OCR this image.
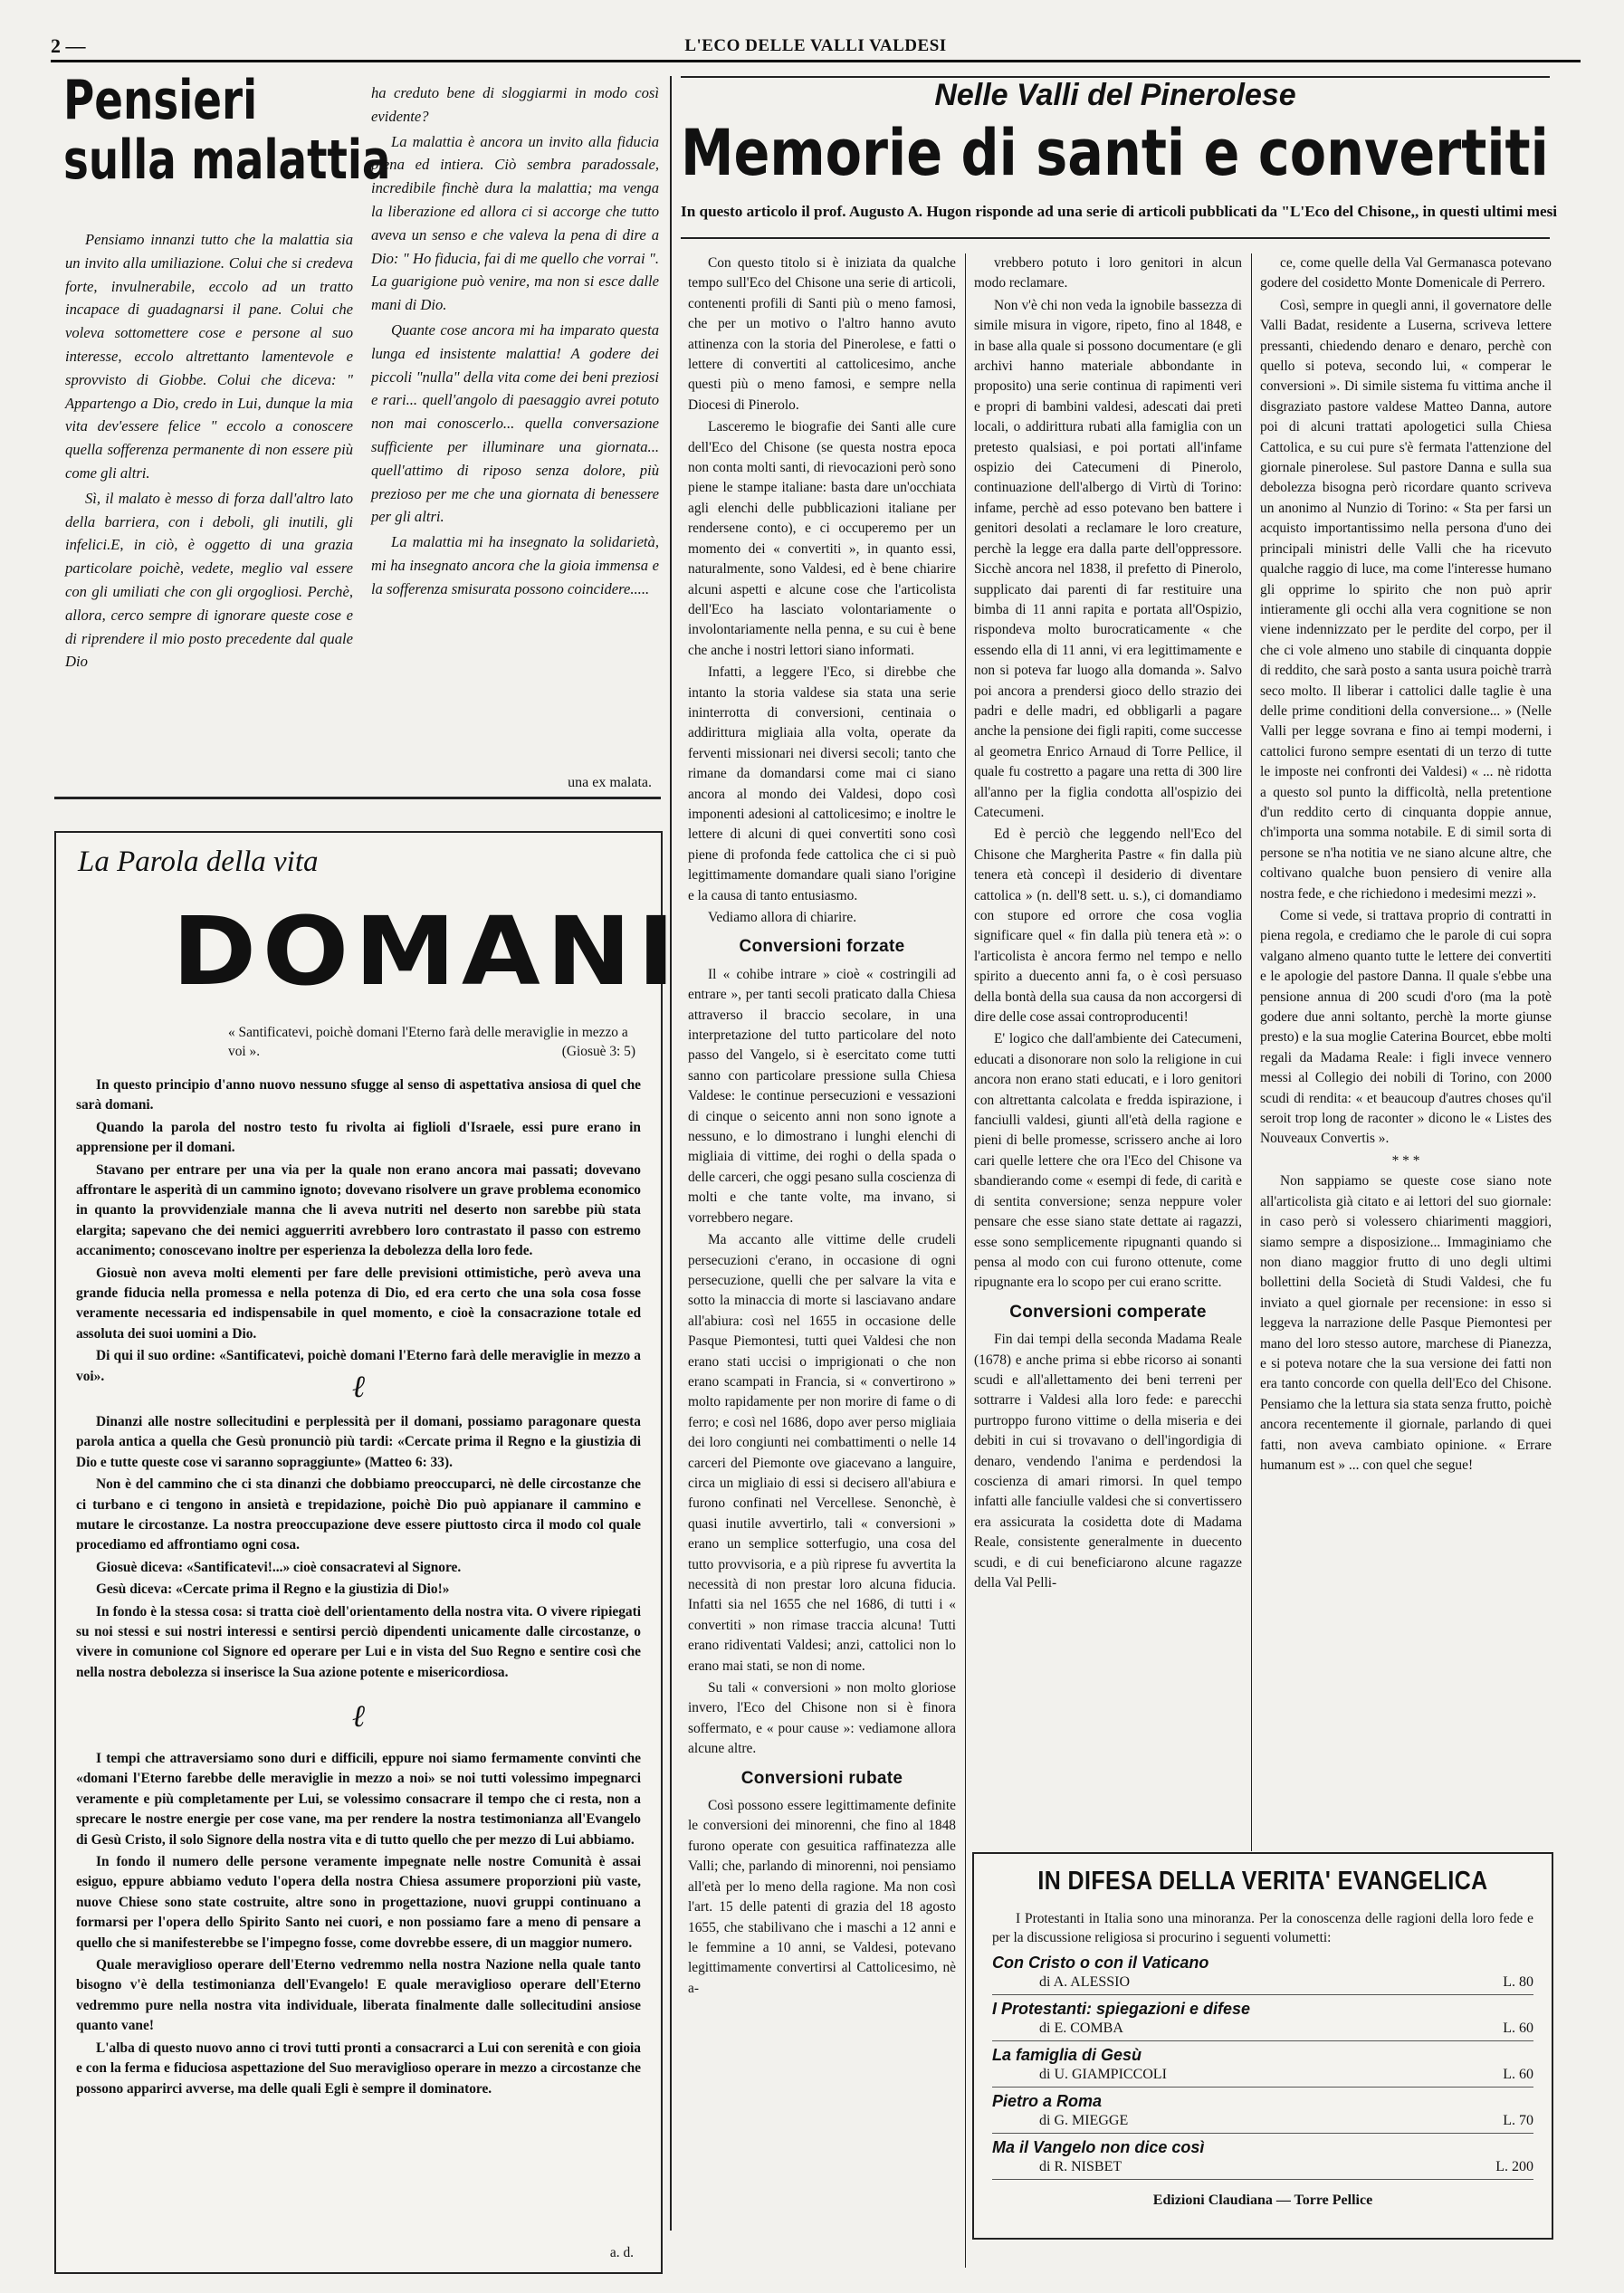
2 —	L'ECO DELLE VALLI VALDESI
Pensieri
sulla malattia

Pensiamo innanzi tutto che la malattia sia un invito alla umiliazione. Colui che si credeva forte, invulnerabile, eccolo ad un tratto incapace di guadagnarsi il pane. Colui che voleva sottomettere cose e persone al suo interesse, eccolo altrettanto lamentevole e sprovvisto di Giobbe. Colui che diceva: " Appartengo a Dio, credo in Lui, dunque la mia vita dev'essere felice " eccolo a conoscere quella sofferenza permanente di non essere più come gli altri.

Sì, il malato è messo di forza dall'altro lato della barriera, con i deboli, gli inutili, gli infelici.E, in ciò, è oggetto di una grazia particolare poichè, vedete, meglio val essere con gli umiliati che con gli orgogliosi. Perchè, allora, cerco sempre di ignorare queste cose e di riprendere il mio posto precedente dal quale Dio

ha creduto bene di sloggiarmi in modo così evidente?

La malattia è ancora un invito alla fiducia piena ed intiera. Ciò sembra paradossale, incredibile finchè dura la malattia; ma venga la liberazione ed allora ci si accorge che tutto aveva un senso e che valeva la pena di dire a Dio: " Ho fiducia, fai di me quello che vorrai ". La guarigione può venire, ma non si esce dalle mani di Dio.

Quante cose ancora mi ha imparato questa lunga ed insistente malattia! A godere dei piccoli "nulla" della vita come dei beni preziosi e rari... quell'angolo di paesaggio avrei potuto non mai conoscerlo... quella conversazione sufficiente per illuminare una giornata... quell'attimo di riposo senza dolore, più prezioso per me che una giornata di benessere per gli altri.

La malattia mi ha insegnato la solidarietà, mi ha insegnato ancora che la gioia immensa e la sofferenza smisurata possono coincidere.....

una ex malata.
La Parola della vita
DOMANI
« Santificatevi, poichè domani l'Eterno farà delle meraviglie in mezzo a voi ».	(Giosuè 3: 5)

In questo principio d'anno nuovo nessuno sfugge al senso di aspettativa ansiosa di quel che sarà domani.

Quando la parola del nostro testo fu rivolta ai figlioli d'Israele, essi pure erano in apprensione per il domani.

Stavano per entrare per una via per la quale non erano ancora mai passati; dovevano affrontare le asperità di un cammino ignoto; dovevano risolvere un grave problema economico in quanto la provvidenziale manna che li aveva nutriti nel deserto non sarebbe più stata elargita; sapevano che dei nemici agguerriti avrebbero loro contrastato il passo con estremo accanimento; conoscevano inoltre per esperienza la debolezza della loro fede.

Giosuè non aveva molti elementi per fare delle previsioni ottimistiche, però aveva una grande fiducia nella promessa e nella potenza di Dio, ed era certo che una sola cosa fosse veramente necessaria ed indispensabile in quel momento, e cioè la consacrazione totale ed assoluta dei suoi uomini a Dio.

Di qui il suo ordine: «Santificatevi, poichè domani l'Eterno farà delle meraviglie in mezzo a voi».	ℓ

Dinanzi alle nostre sollecitudini e perplessità per il domani, possiamo paragonare questa parola antica a quella che Gesù pronunciò più tardi: «Cercate prima il Regno e la giustizia di Dio e tutte queste cose vi saranno sopraggiunte» (Matteo 6: 33).

Non è del cammino che ci sta dinanzi che dobbiamo preoccuparci, nè delle circostanze che ci turbano e ci tengono in ansietà e trepidazione, poichè Dio può appianare il cammino e mutare le circostanze. La nostra preoccupazione deve essere piuttosto circa il modo col quale procediamo ed affrontiamo ogni cosa.

Giosuè diceva: «Santificatevi!...» cioè consacratevi al Signore.

Gesù diceva: «Cercate prima il Regno e la giustizia di Dio!»

In fondo è la stessa cosa: si tratta cioè dell'orientamento della nostra vita. O vivere ripiegati su noi stessi e sui nostri interessi e sentirsi perciò dipendenti unicamente dalle circostanze, o vivere in comunione col Signore ed operare per Lui e in vista del Suo Regno e sentire così che nella nostra debolezza si inserisce la Sua azione potente e misericordiosa.

ℓ

I tempi che attraversiamo sono duri e difficili, eppure noi siamo fermamente convinti che «domani l'Eterno farebbe delle meraviglie in mezzo a noi» se noi tutti volessimo impegnarci veramente e più completamente per Lui, se volessimo consacrare il tempo che ci resta, non a sprecare le nostre energie per cose vane, ma per rendere la nostra testimonianza all'Evangelo di Gesù Cristo, il solo Signore della nostra vita e di tutto quello che per mezzo di Lui abbiamo.

In fondo il numero delle persone veramente impegnate nelle nostre Comunità è assai esiguo, eppure abbiamo veduto l'opera della nostra Chiesa assumere proporzioni più vaste, nuove Chiese sono state costruite, altre sono in progettazione, nuovi gruppi continuano a formarsi per l'opera dello Spirito Santo nei cuori, e non possiamo fare a meno di pensare a quello che si manifesterebbe se l'impegno fosse, come dovrebbe essere, di un maggior numero.

Quale meraviglioso operare dell'Eterno vedremmo nella nostra Nazione nella quale tanto bisogno v'è della testimonianza dell'Evangelo! E quale meraviglioso operare dell'Eterno vedremmo pure nella nostra vita individuale, liberata finalmente dalle sollecitudini ansiose quanto vane!

L'alba di questo nuovo anno ci trovi tutti pronti a consacrarci a Lui con serenità e con gioia e con la ferma e fiduciosa aspettazione del Suo meraviglioso operare in mezzo a circostanze che possono apparirci avverse, ma delle quali Egli è sempre il dominatore.

a. d.
Nelle Valli del Pinerolese
Memorie di santi e convertiti
In questo articolo il prof. Augusto A. Hugon risponde ad una serie di articoli pubblicati da "L'Eco del Chisone,, in questi ultimi mesi

Con questo titolo si è iniziata da qualche tempo sull'Eco del Chisone una serie di articoli, contenenti profili di Santi più o meno famosi, che per un motivo o l'altro hanno avuto attinenza con la storia del Pinerolese, e fatti o lettere di convertiti al cattolicesimo, anche questi più o meno famosi, e sempre nella Diocesi di Pinerolo.

Lasceremo le biografie dei Santi alle cure dell'Eco del Chisone (se questa nostra epoca non conta molti santi, di rievocazioni però sono piene le stampe italiane: basta dare un'occhiata agli elenchi delle pubblicazioni italiane per rendersene conto), e ci occuperemo per un momento dei « convertiti », in quanto essi, naturalmente, sono Valdesi, ed è bene chiarire alcuni aspetti e alcune cose che l'articolista dell'Eco ha lasciato volontariamente o involontariamente nella penna, e su cui è bene che anche i nostri lettori siano informati.

Infatti, a leggere l'Eco, si direbbe che intanto la storia valdese sia stata una serie ininterrotta di conversioni, centinaia o addirittura migliaia alla volta, operate da ferventi missionari nei diversi secoli; tanto che rimane da domandarsi come mai ci siano ancora al mondo dei Valdesi, dopo così imponenti adesioni al cattolicesimo; e inoltre le lettere di alcuni di quei convertiti sono così piene di profonda fede cattolica che ci si può legittimamente domandare quali siano l'origine e la causa di tanto entusiasmo.

Vediamo allora di chiarire.

Conversioni forzate

Il « cohibe intrare » cioè « costringili ad entrare », per tanti secoli praticato dalla Chiesa attraverso il braccio secolare, in una interpretazione del tutto particolare del noto passo del Vangelo, si è esercitato come tutti sanno con particolare pressione sulla Chiesa Valdese: le continue persecuzioni e vessazioni di cinque o seicento anni non sono ignote a nessuno, e lo dimostrano i lunghi elenchi di migliaia di vittime, dei roghi o della spada o delle carceri, che oggi pesano sulla coscienza di molti e che tante volte, ma invano, si vorrebbero negare.

Ma accanto alle vittime delle crudeli persecuzioni c'erano, in occasione di ogni persecuzione, quelli che per salvare la vita e sotto la minaccia di morte si lasciavano andare all'abiura: così nel 1655 in occasione delle Pasque Piemontesi, tutti quei Valdesi che non erano stati uccisi o imprigionati o che non erano scampati in Francia, si « convertirono » molto rapidamente per non morire di fame o di ferro; e così nel 1686, dopo aver perso migliaia dei loro congiunti nei combattimenti o nelle 14 carceri del Piemonte ove giacevano a languire, circa un migliaio di essi si decisero all'abiura e furono confinati nel Vercellese. Senonchè, è quasi inutile avvertirlo, tali « conversioni » erano un semplice sotterfugio, una cosa del tutto provvisoria, e a più riprese fu avvertita la necessità di non prestar loro alcuna fiducia. Infatti sia nel 1655 che nel 1686, di tutti i « convertiti » non rimase traccia alcuna! Tutti erano ridiventati Valdesi; anzi, cattolici non lo erano mai stati, se non di nome.

Su tali « conversioni » non molto gloriose invero, l'Eco del Chisone non si è finora soffermato, e « pour cause »: vediamone allora alcune altre.

Conversioni rubate

Così possono essere legittimamente definite le conversioni dei minorenni, che fino al 1848 furono operate con gesuitica raffinatezza alle Valli; che, parlando di minorenni, noi pensiamo all'età per lo meno della ragione. Ma non così l'art. 15 delle patenti di grazia del 18 agosto 1655, che stabilivano che i maschi a 12 anni e le femmine a 10 anni, se Valdesi, potevano legittimamente convertirsi al Cattolicesimo, nè a-

vrebbero potuto i loro genitori in alcun modo reclamare.

Non v'è chi non veda la ignobile bassezza di simile misura in vigore, ripeto, fino al 1848, e in base alla quale si possono documentare (e gli archivi hanno materiale abbondante in proposito) una serie continua di rapimenti veri e propri di bambini valdesi, adescati dai preti locali, o addirittura rubati alla famiglia con un pretesto qualsiasi, e poi portati all'infame ospizio dei Catecumeni di Pinerolo, continuazione dell'albergo di Virtù di Torino: infame, perchè ad esso potevano ben battere i genitori desolati a reclamare le loro creature, perchè la legge era dalla parte dell'oppressore. Sicchè ancora nel 1838, il prefetto di Pinerolo, supplicato dai parenti di far restituire una bimba di 11 anni rapita e portata all'Ospizio, rispondeva molto burocraticamente « che essendo ella di 11 anni, vi era legittimamente e non si poteva far luogo alla domanda ». Salvo poi ancora a prendersi gioco dello strazio dei padri e delle madri, ed obbligarli a pagare anche la pensione dei figli rapiti, come successe al geometra Enrico Arnaud di Torre Pellice, il quale fu costretto a pagare una retta di 300 lire all'anno per la figlia condotta all'ospizio dei Catecumeni.

Ed è perciò che leggendo nell'Eco del Chisone che Margherita Pastre « fin dalla più tenera età concepì il desiderio di diventare cattolica » (n. dell'8 sett. u. s.), ci domandiamo con stupore ed orrore che cosa voglia significare quel « fin dalla più tenera età »: o l'articolista è ancora fermo nel tempo e nello spirito a duecento anni fa, o è così persuaso della bontà della sua causa da non accorgersi di dire delle cose assai controproducenti!

E' logico che dall'ambiente dei Catecumeni, educati a disonorare non solo la religione in cui ancora non erano stati educati, e i loro genitori con altrettanta calcolata e fredda ispirazione, i fanciulli valdesi, giunti all'età della ragione e pieni di belle promesse, scrissero anche ai loro cari quelle lettere che ora l'Eco del Chisone va sbandierando come « esempi di fede, di carità e di sentita conversione; senza neppure voler pensare che esse siano state dettate ai ragazzi, esse sono semplicemente ripugnanti quando si pensa al modo con cui furono ottenute, come ripugnante era lo scopo per cui erano scritte.

Conversioni comperate

Fin dai tempi della seconda Madama Reale (1678) e anche prima si ebbe ricorso ai sonanti scudi e all'allettamento dei beni terreni per sottrarre i Valdesi alla loro fede: e parecchi purtroppo furono vittime o della miseria e dei debiti in cui si trovavano o dell'ingordigia di denaro, vendendo l'anima e perdendosi la coscienza di amari rimorsi. In quel tempo infatti alle fanciulle valdesi che si convertissero era assicurata la cosidetta dote di Madama Reale, consistente generalmente in duecento scudi, e di cui beneficiarono alcune ragazze della Val Pelli-

ce, come quelle della Val Germanasca potevano godere del cosidetto Monte Domenicale di Perrero.

Così, sempre in quegli anni, il governatore delle Valli Badat, residente a Luserna, scriveva lettere pressanti, chiedendo denaro e denaro, perchè con quello si poteva, secondo lui, « comperar le conversioni ». Di simile sistema fu vittima anche il disgraziato pastore valdese Matteo Danna, autore poi di alcuni trattati apologetici sulla Chiesa Cattolica, e su cui pure s'è fermata l'attenzione del giornale pinerolese. Sul pastore Danna e sulla sua debolezza bisogna però ricordare quanto scriveva un anonimo al Nunzio di Torino: « Sta per farsi un acquisto importantissimo nella persona d'uno dei principali ministri delle Valli che ha ricevuto qualche raggio di luce, ma come l'interesse humano gli opprime lo spirito che non può aprir intieramente gli occhi alla vera cognitione se non viene indennizzato per le perdite del corpo, per il che ci vole almeno uno stabile di cinquanta doppie di reddito, che sarà posto a santa usura poichè trarrà seco molto. Il liberar i cattolici dalle taglie è una delle prime conditioni della conversione... » (Nelle Valli per legge sovrana e fino ai tempi moderni, i cattolici furono sempre esentati di un terzo di tutte le imposte nei confronti dei Valdesi) « ... nè ridotta a questo sol punto la difficoltà, nella pretentione d'un reddito certo di cinquanta doppie annue, ch'importa una somma notabile. E di simil sorta di persone se n'ha notitia ve ne siano alcune altre, che coltivano qualche buon pensiero di venire alla nostra fede, e che richiedono i medesimi mezzi ».

Come si vede, si trattava proprio di contratti in piena regola, e crediamo che le parole di cui sopra valgano almeno quanto tutte le lettere dei convertiti e le apologie del pastore Danna. Il quale s'ebbe una pensione annua di 200 scudi d'oro (ma la potè godere due anni soltanto, perchè la morte giunse presto) e la sua moglie Caterina Bourcet, ebbe molti regali da Madama Reale: i figli invece vennero messi al Collegio dei nobili di Torino, con 2000 scudi di rendita: « et beaucoup d'autres choses qu'il seroit trop long de raconter » dicono le « Listes des Nouveaux Convertis ».

* * *

Non sappiamo se queste cose siano note all'articolista già citato e ai lettori del suo giornale: in caso però si volessero chiarimenti maggiori, siamo sempre a disposizione... Immaginiamo che non diano maggior frutto di uno degli ultimi bollettini della Società di Studi Valdesi, che fu inviato a quel giornale per recensione: in esso si leggeva la narrazione delle Pasque Piemontesi per mano del loro stesso autore, marchese di Pianezza, e si poteva notare che la sua versione dei fatti non era tanto concorde con quella dell'Eco del Chisone. Pensiamo che la lettura sia stata senza frutto, poichè ancora recentemente il giornale, parlando di quei fatti, non aveva cambiato opinione. « Errare humanum est » ... con quel che segue!

IN DIFESA DELLA VERITA' EVANGELICA
I Protestanti in Italia sono una minoranza. Per la conoscenza delle ragioni della loro fede e per la discussione religiosa si procurino i seguenti volumetti:
Con Cristo o con il Vaticano
di A. ALESSIO	L. 80
I Protestanti: spiegazioni e difese
di E. COMBA	L. 60
La famiglia di Gesù
di U. GIAMPICCOLI	L. 60
Pietro a Roma
di G. MIEGGE	L. 70
Ma il Vangelo non dice così
di R. NISBET	L. 200
Edizioni Claudiana — Torre Pellice
